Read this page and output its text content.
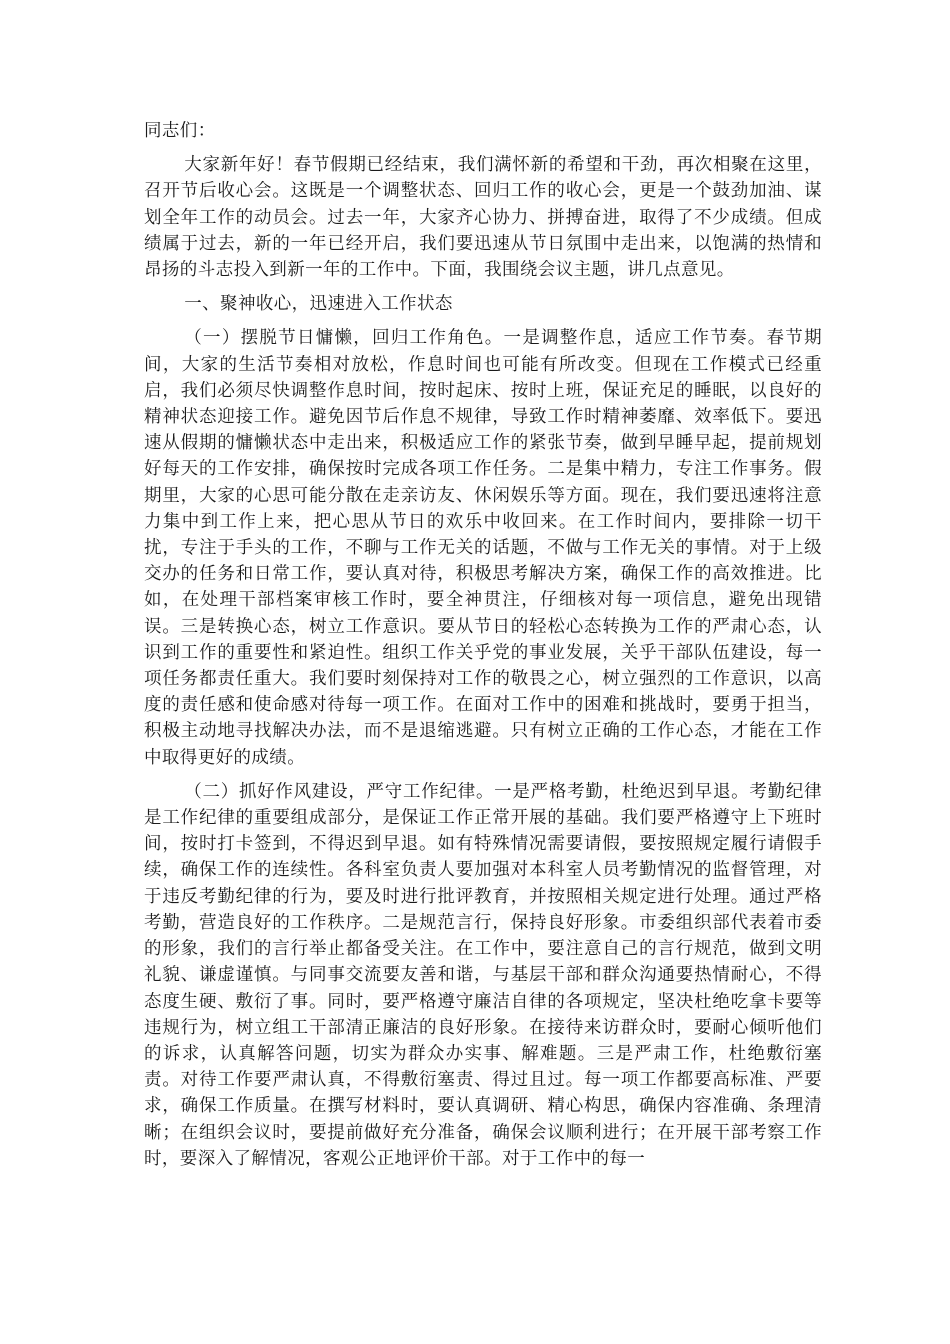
同志们：

大家新年好！春节假期已经结束，我们满怀新的希望和干劲，再次相聚在这里，召开节后收心会。这既是一个调整状态、回归工作的收心会，更是一个鼓劲加油、谋划全年工作的动员会。过去一年，大家齐心协力、拼搏奋进，取得了不少成绩。但成绩属于过去，新的一年已经开启，我们要迅速从节日氛围中走出来，以饱满的热情和昂扬的斗志投入到新一年的工作中。下面，我围绕会议主题，讲几点意见。

一、聚神收心，迅速进入工作状态

（一）摆脱节日慵懒，回归工作角色。一是调整作息，适应工作节奏。春节期间，大家的生活节奏相对放松，作息时间也可能有所改变。但现在工作模式已经重启，我们必须尽快调整作息时间，按时起床、按时上班，保证充足的睡眠，以良好的精神状态迎接工作。避免因节后作息不规律，导致工作时精神萎靡、效率低下。要迅速从假期的慵懒状态中走出来，积极适应工作的紧张节奏，做到早睡早起，提前规划好每天的工作安排，确保按时完成各项工作任务。二是集中精力，专注工作事务。假期里，大家的心思可能分散在走亲访友、休闲娱乐等方面。现在，我们要迅速将注意力集中到工作上来，把心思从节日的欢乐中收回来。在工作时间内，要排除一切干扰，专注于手头的工作，不聊与工作无关的话题，不做与工作无关的事情。对于上级交办的任务和日常工作，要认真对待，积极思考解决方案，确保工作的高效推进。比如，在处理干部档案审核工作时，要全神贯注，仔细核对每一项信息，避免出现错误。三是转换心态，树立工作意识。要从节日的轻松心态转换为工作的严肃心态，认识到工作的重要性和紧迫性。组织工作关乎党的事业发展，关乎干部队伍建设，每一项任务都责任重大。我们要时刻保持对工作的敬畏之心，树立强烈的工作意识，以高度的责任感和使命感对待每一项工作。在面对工作中的困难和挑战时，要勇于担当，积极主动地寻找解决办法，而不是退缩逃避。只有树立正确的工作心态，才能在工作中取得更好的成绩。

（二）抓好作风建设，严守工作纪律。一是严格考勤，杜绝迟到早退。考勤纪律是工作纪律的重要组成部分，是保证工作正常开展的基础。我们要严格遵守上下班时间，按时打卡签到，不得迟到早退。如有特殊情况需要请假，要按照规定履行请假手续，确保工作的连续性。各科室负责人要加强对本科室人员考勤情况的监督管理，对于违反考勤纪律的行为，要及时进行批评教育，并按照相关规定进行处理。通过严格考勤，营造良好的工作秩序。二是规范言行，保持良好形象。市委组织部代表着市委的形象，我们的言行举止都备受关注。在工作中，要注意自己的言行规范，做到文明礼貌、谦虚谨慎。与同事交流要友善和谐，与基层干部和群众沟通要热情耐心，不得态度生硬、敷衍了事。同时，要严格遵守廉洁自律的各项规定，坚决杜绝吃拿卡要等违规行为，树立组工干部清正廉洁的良好形象。在接待来访群众时，要耐心倾听他们的诉求，认真解答问题，切实为群众办实事、解难题。三是严肃工作，杜绝敷衍塞责。对待工作要严肃认真，不得敷衍塞责、得过且过。每一项工作都要高标准、严要求，确保工作质量。在撰写材料时，要认真调研、精心构思，确保内容准确、条理清晰；在组织会议时，要提前做好充分准备，确保会议顺利进行；在开展干部考察工作时，要深入了解情况，客观公正地评价干部。对于工作中的每一
